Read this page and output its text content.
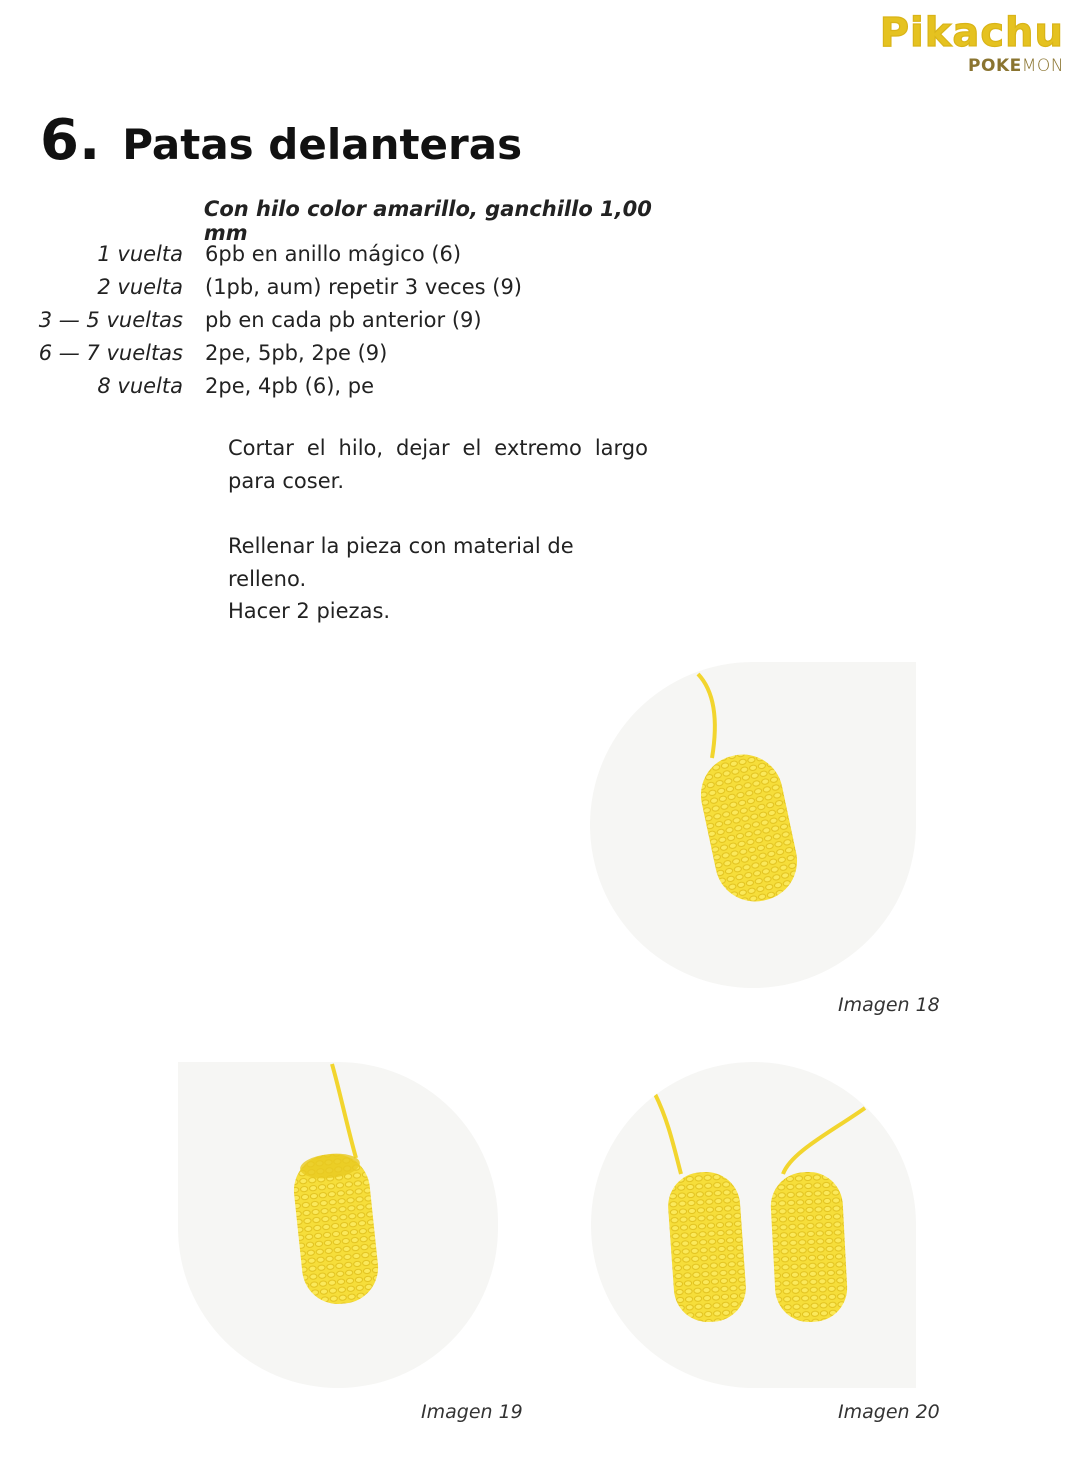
Pikachu
POKEMON
6. Patas delanteras
Con hilo color amarillo, ganchillo 1,00 mm
1 vuelta	6pb en anillo mágico (6)
2 vuelta	(1pb, aum) repetir 3 veces (9)
3 — 5 vueltas	pb en cada pb anterior (9)
6 — 7 vueltas	2pe, 5pb, 2pe (9)
8 vuelta	2pe, 4pb (6), pe

Cortar el hilo, dejar el extremo largo para coser.

Rellenar la pieza con material de relleno.

Hacer 2 piezas.

Imagen 18
Imagen 19	Imagen 20
